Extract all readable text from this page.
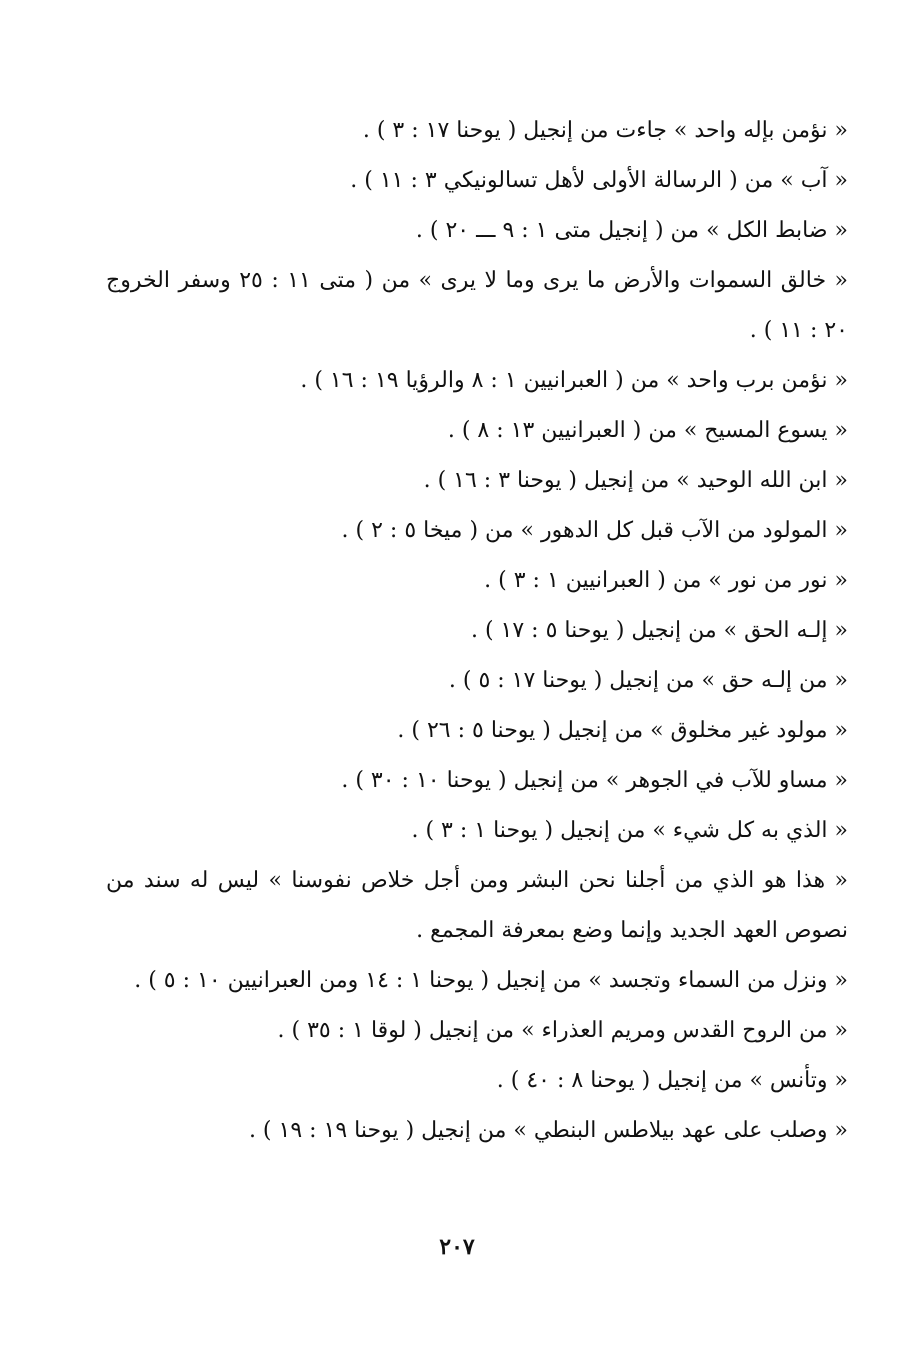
« نؤمن بإله واحد » جاءت من إنجيل ( يوحنا ١٧ : ٣ ) .

« آب » من ( الرسالة الأولى لأهل تسالونيكي ٣ : ١١ ) .

« ضابط الكل » من ( إنجيل متى ١ : ٩ ـــ ٢٠ ) .

« خالق السموات والأرض ما يرى وما لا يرى » من ( متى ١١ : ٢٥ وسفر الخروج ٢٠ : ١١ ) .

« نؤمن برب واحد » من ( العبرانيين ١ : ٨ والرؤيا ١٩ : ١٦ ) .

« يسوع المسيح » من ( العبرانيين ١٣ : ٨ ) .

« ابن الله الوحيد » من إنجيل ( يوحنا ٣ : ١٦ ) .

« المولود من الآب قبل كل الدهور » من ( ميخا ٥ : ٢ ) .

« نور من نور » من ( العبرانيين ١ : ٣ ) .

« إلـه الحق » من إنجيل ( يوحنا ٥ : ١٧ ) .

« من إلـه حق » من إنجيل ( يوحنا ١٧ : ٥ ) .

« مولود غير مخلوق » من إنجيل ( يوحنا ٥ : ٢٦ ) .

« مساو للآب في الجوهر » من إنجيل ( يوحنا ١٠ : ٣٠ ) .

« الذي به كل شيء » من إنجيل ( يوحنا ١ : ٣ ) .

« هذا هو الذي من أجلنا نحن البشر ومن أجل خلاص نفوسنا » ليس له سند من نصوص العهد الجديد وإنما وضع بمعرفة المجمع .

« ونزل من السماء وتجسد » من إنجيل ( يوحنا ١ : ١٤ ومن العبرانيين ١٠ : ٥ ) .

« من الروح القدس ومريم العذراء » من إنجيل ( لوقا ١ : ٣٥ ) .

« وتأنس » من إنجيل ( يوحنا ٨ : ٤٠ ) .

« وصلب على عهد بيلاطس البنطي » من إنجيل ( يوحنا ١٩ : ١٩ ) .

٢٠٧
